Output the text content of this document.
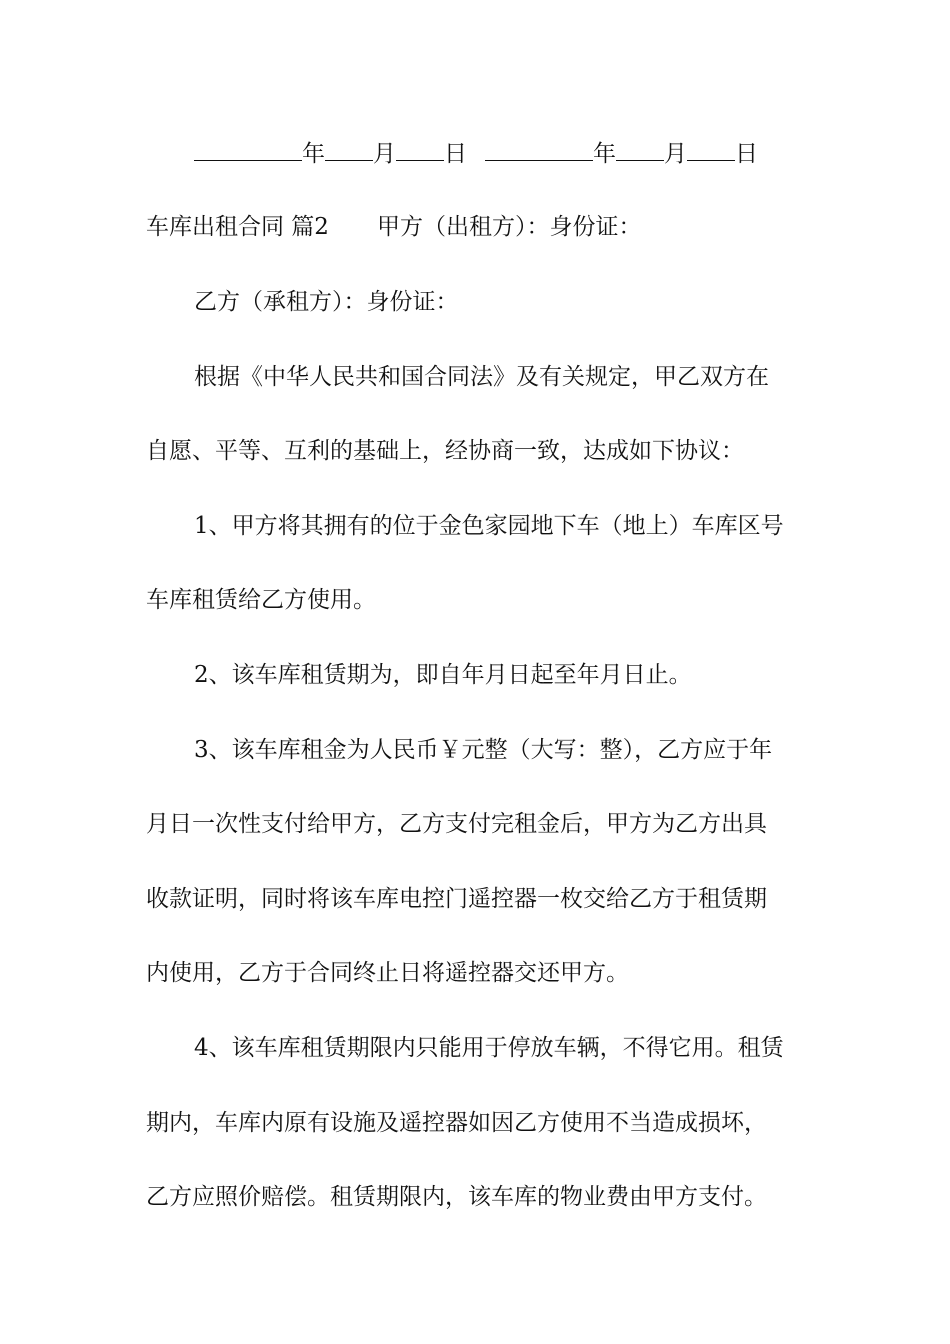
年 月 日	年 月 日
车库出租合同 篇2 甲方（出租方）：身份证：
乙方（承租方）：身份证：
根据《中华人民共和国合同法》及有关规定，甲乙双方在
自愿、平等、互利的基础上，经协商一致，达成如下协议：
1、甲方将其拥有的位于金色家园地下车（地上）车库区号
车库租赁给乙方使用。
2、该车库租赁期为，即自年月日起至年月日止。
3、该车库租金为人民币￥元整（大写：整），乙方应于年
月日一次性支付给甲方，乙方支付完租金后，甲方为乙方出具
收款证明，同时将该车库电控门遥控器一枚交给乙方于租赁期
内使用，乙方于合同终止日将遥控器交还甲方。
4、该车库租赁期限内只能用于停放车辆，不得它用。租赁
期内，车库内原有设施及遥控器如因乙方使用不当造成损坏，
乙方应照价赔偿。租赁期限内，该车库的物业费由甲方支付。
